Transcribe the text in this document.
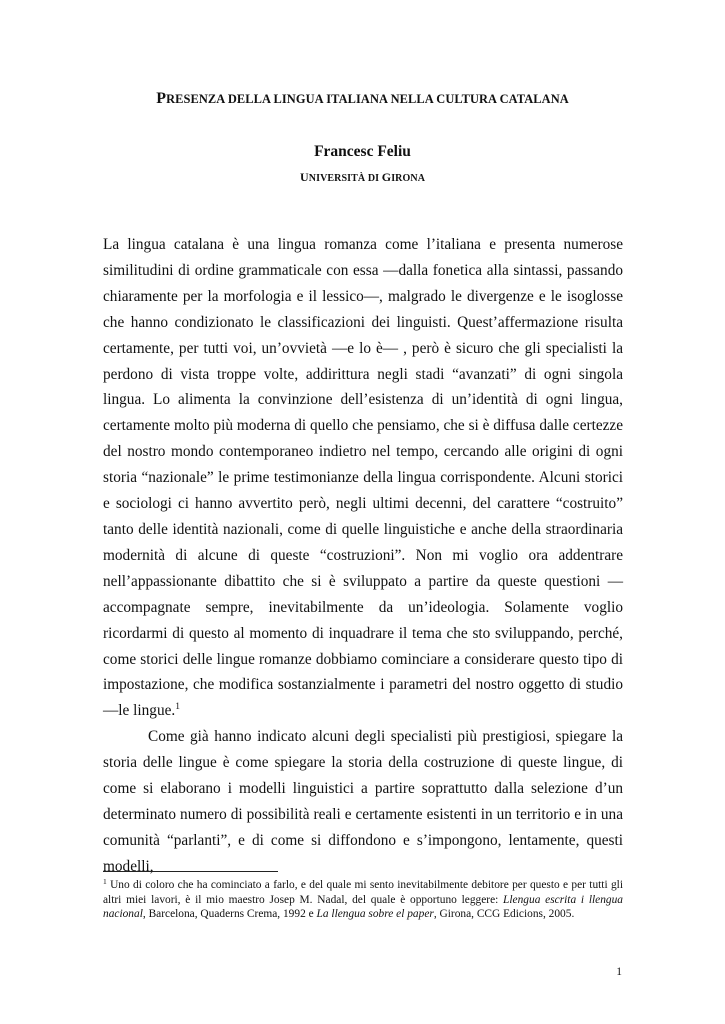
PRESENZA DELLA LINGUA ITALIANA NELLA CULTURA CATALANA
Francesc Feliu
UNIVERSITÀ DI GIRONA

La lingua catalana è una lingua romanza come l’italiana e presenta numerose similitudini di ordine grammaticale con essa —dalla fonetica alla sintassi, passando chiaramente per la morfologia e il lessico—, malgrado le divergenze e le isoglosse che hanno condizionato le classificazioni dei linguisti. Quest’affermazione risulta certamente, per tutti voi, un’ovvietà —e lo è— , però è sicuro che gli specialisti la perdono di vista troppe volte, addirittura negli stadi “avanzati” di ogni singola lingua. Lo alimenta la convinzione dell’esistenza di un’identità di ogni lingua, certamente molto più moderna di quello che pensiamo, che si è diffusa dalle certezze del nostro mondo contemporaneo indietro nel tempo, cercando alle origini di ogni storia “nazionale” le prime testimonianze della lingua corrispondente. Alcuni storici e sociologi ci hanno avvertito però, negli ultimi decenni, del carattere “costruito” tanto delle identità nazionali, come di quelle linguistiche e anche della straordinaria modernità di alcune di queste “costruzioni”. Non mi voglio ora addentrare nell’appassionante dibattito che si è sviluppato a partire da queste questioni —accompagnate sempre, inevitabilmente da un’ideologia. Solamente voglio ricordarmi di questo al momento di inquadrare il tema che sto sviluppando, perché, come storici delle lingue romanze dobbiamo cominciare a considerare questo tipo di impostazione, che modifica sostanzialmente i parametri del nostro oggetto di studio —le lingue.$^1$

Come già hanno indicato alcuni degli specialisti più prestigiosi, spiegare la storia delle lingue è come spiegare la storia della costruzione di queste lingue, di come si elaborano i modelli linguistici a partire soprattutto dalla selezione d’un determinato numero di possibilità reali e certamente esistenti in un territorio e in una comunità “parlanti”, e di come si diffondono e s’impongono, lentamente, questi modelli,

$^1$ Uno di coloro che ha cominciato a farlo, e del quale mi sento inevitabilmente debitore per questo e per tutti gli altri miei lavori, è il mio maestro Josep M. Nadal, del quale è opportuno leggere: Llengua escrita i llengua nacional, Barcelona, Quaderns Crema, 1992 e La llengua sobre el paper, Girona, CCG Edicions, 2005.
1
